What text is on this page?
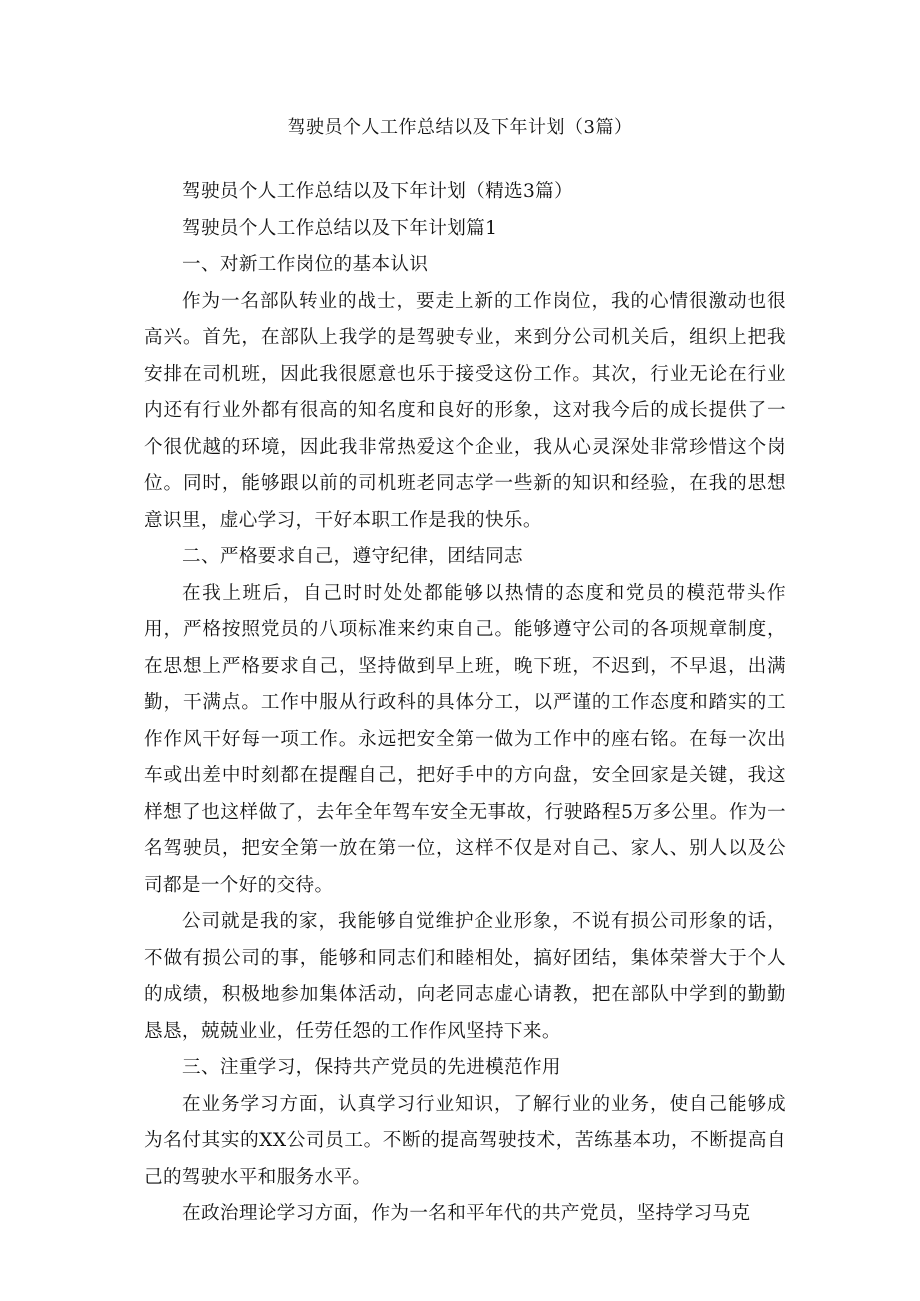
驾驶员个人工作总结以及下年计划（3篇）
驾驶员个人工作总结以及下年计划（精选3篇）
驾驶员个人工作总结以及下年计划篇1
一、对新工作岗位的基本认识
作为一名部队转业的战士，要走上新的工作岗位，我的心情很激动也很高兴。首先，在部队上我学的是驾驶专业，来到分公司机关后，组织上把我安排在司机班，因此我很愿意也乐于接受这份工作。其次，行业无论在行业内还有行业外都有很高的知名度和良好的形象，这对我今后的成长提供了一个很优越的环境，因此我非常热爱这个企业，我从心灵深处非常珍惜这个岗位。同时，能够跟以前的司机班老同志学一些新的知识和经验，在我的思想意识里，虚心学习，干好本职工作是我的快乐。
二、严格要求自己，遵守纪律，团结同志
在我上班后，自己时时处处都能够以热情的态度和党员的模范带头作用，严格按照党员的八项标准来约束自己。能够遵守公司的各项规章制度，在思想上严格要求自己，坚持做到早上班，晚下班，不迟到，不早退，出满勤，干满点。工作中服从行政科的具体分工，以严谨的工作态度和踏实的工作作风干好每一项工作。永远把安全第一做为工作中的座右铭。在每一次出车或出差中时刻都在提醒自己，把好手中的方向盘，安全回家是关键，我这样想了也这样做了，去年全年驾车安全无事故，行驶路程5万多公里。作为一名驾驶员，把安全第一放在第一位，这样不仅是对自己、家人、别人以及公司都是一个好的交待。
公司就是我的家，我能够自觉维护企业形象，不说有损公司形象的话，不做有损公司的事，能够和同志们和睦相处，搞好团结，集体荣誉大于个人的成绩，积极地参加集体活动，向老同志虚心请教，把在部队中学到的勤勤恳恳，兢兢业业，任劳任怨的工作作风坚持下来。
三、注重学习，保持共产党员的先进模范作用
在业务学习方面，认真学习行业知识，了解行业的业务，使自己能够成为名付其实的XX公司员工。不断的提高驾驶技术，苦练基本功，不断提高自己的驾驶水平和服务水平。
在政治理论学习方面，作为一名和平年代的共产党员，坚持学习马克
